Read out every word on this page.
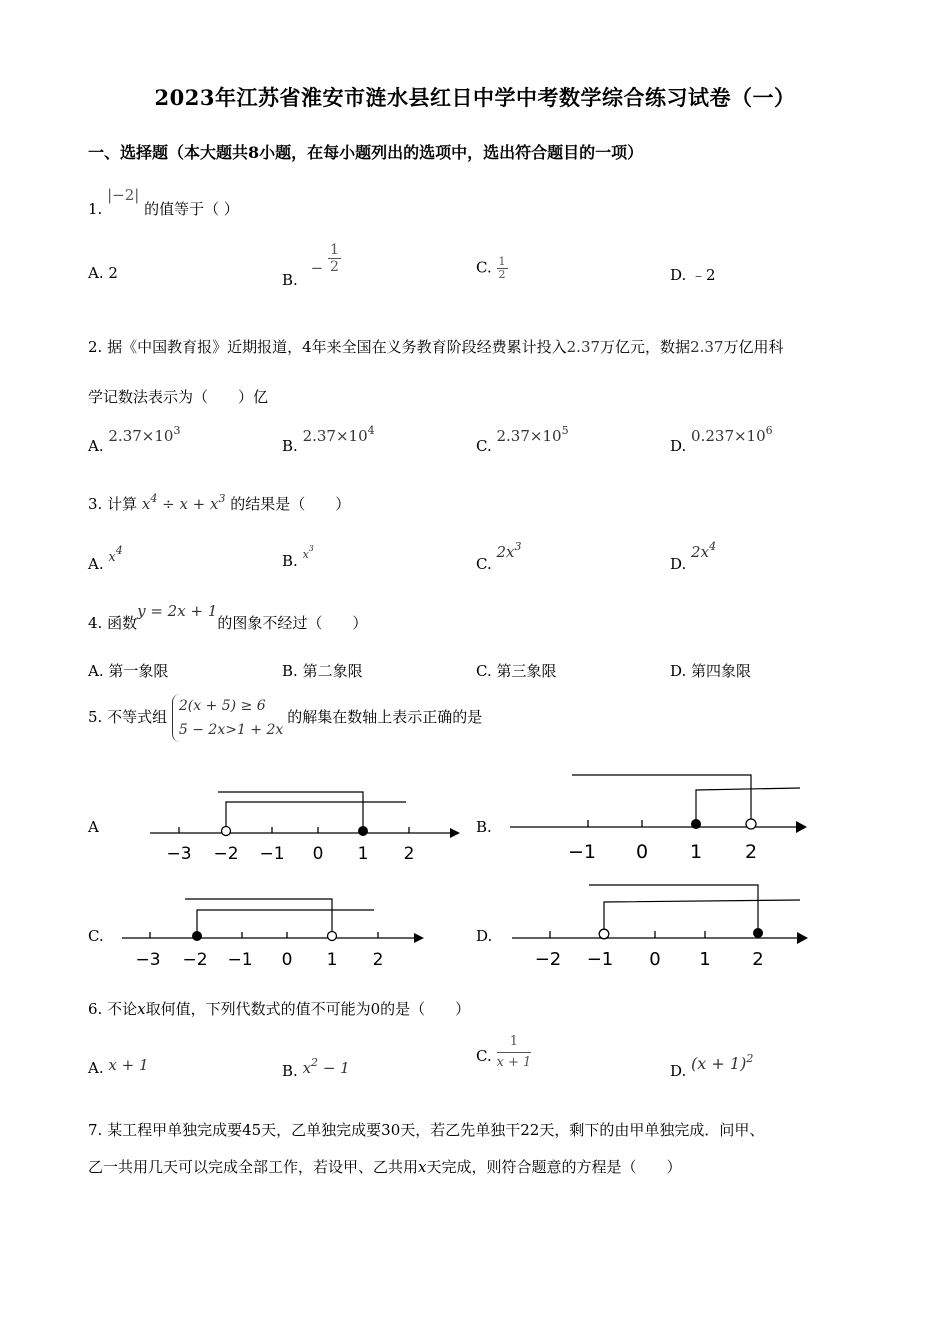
2023年江苏省淮安市涟水县红日中学中考数学综合练习试卷（一）
一、选择题（本大题共8小题，在每小题列出的选项中，选出符合题目的一项）
1. |−2| 的值等于（ ）
A. 2	B. − $\frac{1}{2}$	C. $\frac{1}{2}$	D. ﹣2
2. 据《中国教育报》近期报道，4年来全国在义务教育阶段经费累计投入2.37万亿元，数据2.37万亿用科
学记数法表示为（　　）亿
A. $2.37\times 10^3$
B. $2.37\times 10^4$
C. $2.37\times 10^5$
D. $0.237\times 10^6$
3. 计算 $x^4 \div x + x^3$ 的结果是（　　）
A. $x^4$
B. $x^3$
C. $2x^3$
D. $2x^4$
4. 函数y = 2x + 1的图象不经过（　　）
A. 第一象限	B. 第二象限	C. 第三象限	D. 第四象限
5. 不等式组
2(x + 5) ≥ 6
5 − 2x>1 + 2x
的解集在数轴上表示正确的是
A	B.
C.	D.
−3 −2 −1 0 1 2	−1 0 1 2
−3 −2 −1 0 1 2	−2 −1 0 1 2
6. 不论x取何值，下列代数式的值不可能为0的是（　　）
A. x + 1	B. $x^2 - 1$
C. $\frac{1}{x + 1}$	D. $(x + 1)^2$
7. 某工程甲单独完成要45天，乙单独完成要30天，若乙先单独干22天，剩下的由甲单独完成．问甲、
乙一共用几天可以完成全部工作，若设甲、乙共用x天完成，则符合题意的方程是（　　）
